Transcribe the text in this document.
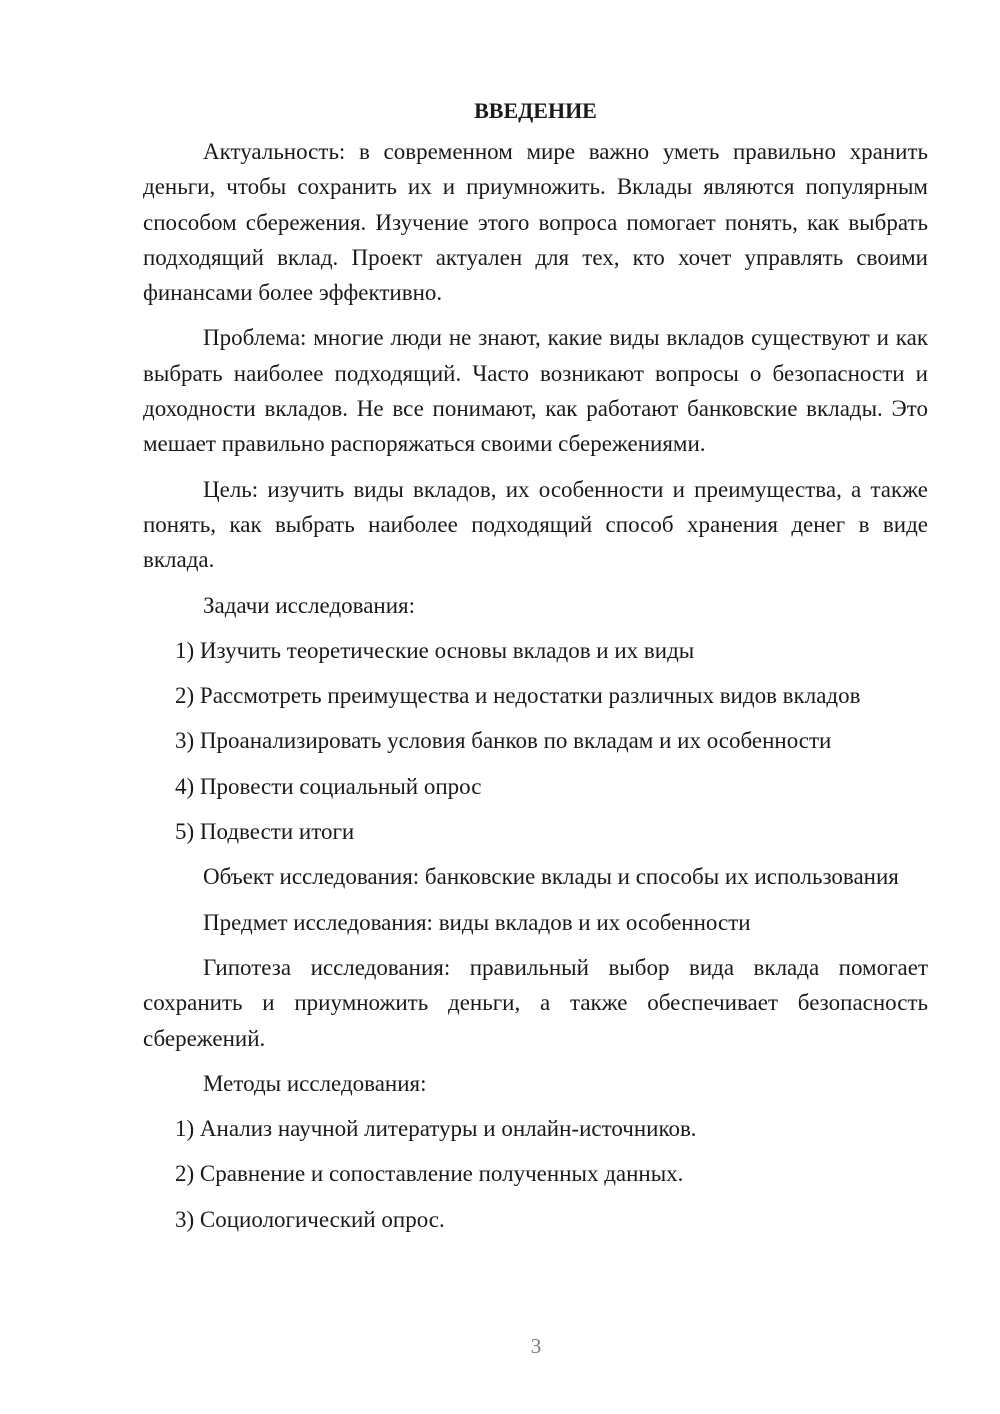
ВВЕДЕНИЕ

Актуальность: в современном мире важно уметь правильно хранить деньги, чтобы сохранить их и приумножить. Вклады являются популярным способом сбережения. Изучение этого вопроса помогает понять, как выбрать подходящий вклад. Проект актуален для тех, кто хочет управлять своими финансами более эффективно.

Проблема: многие люди не знают, какие виды вкладов существуют и как выбрать наиболее подходящий. Часто возникают вопросы о безопасности и доходности вкладов. Не все понимают, как работают банковские вклады. Это мешает правильно распоряжаться своими сбережениями.

Цель: изучить виды вкладов, их особенности и преимущества, а также понять, как выбрать наиболее подходящий способ хранения денег в виде вклада.

Задачи исследования:

1) Изучить теоретические основы вкладов и их виды
2) Рассмотреть преимущества и недостатки различных видов вкладов
3) Проанализировать условия банков по вкладам и их особенности
4) Провести социальный опрос
5) Подвести итоги

Объект исследования: банковские вклады и способы их использования

Предмет исследования: виды вкладов и их особенности

Гипотеза исследования: правильный выбор вида вклада помогает сохранить и приумножить деньги, а также обеспечивает безопасность сбережений.

Методы исследования:

1) Анализ научной литературы и онлайн-источников.
2) Сравнение и сопоставление полученных данных.
3) Социологический опрос.
3
